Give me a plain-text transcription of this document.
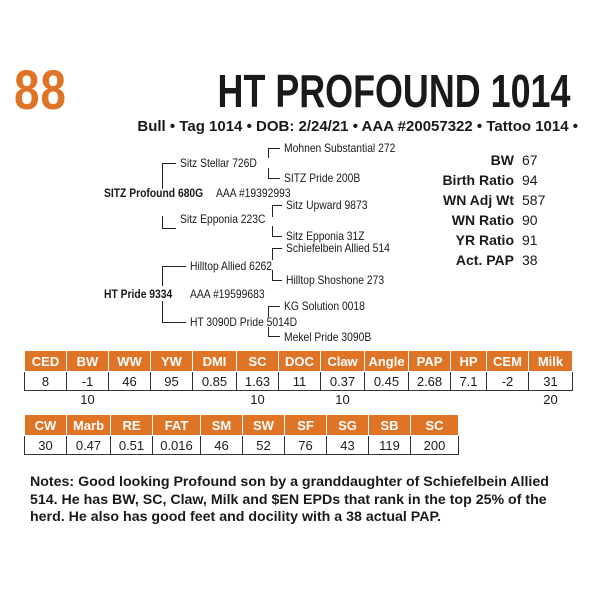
88	HT PROFOUND 1014
Bull • Tag 1014 • DOB: 2/24/21 • AAA #20057322 • Tattoo 1014 •
Mohnen Substantial 272
Sitz Stellar 726D
SITZ Pride 200B
SITZ Profound 680G AAA #19392993
Sitz Upward 9873
Sitz Epponia 223C
Sitz Epponia 31Z
Schiefelbein Allied 514
Hilltop Allied 6262
Hilltop Shoshone 273
HT Pride 9334 AAA #19599683
KG Solution 0018
HT 3090D Pride 5014D
Mekel Pride 3090B
BW 67
Birth Ratio 94
WN Adj Wt 587
WN Ratio 90
YR Ratio 91
Act. PAP 38
CED	BW	WW	YW	DMI	SC	DOC	Claw	Angle	PAP	HP	CEM	Milk
8	-1	46	95	0.85	1.63	11	0.37	0.45	2.68	7.1	-2	31
	10				10		10					20
CW	Marb	RE	FAT	SM	SW	SF	SG	SB	SC
30	0.47	0.51	0.016	46	52	76	43	119	200
Notes: Good looking Profound son by a granddaughter of Schiefelbein Allied 514. He has BW, SC, Claw, Milk and $EN EPDs that rank in the top 25% of the herd. He also has good feet and docility with a 38 actual PAP.
